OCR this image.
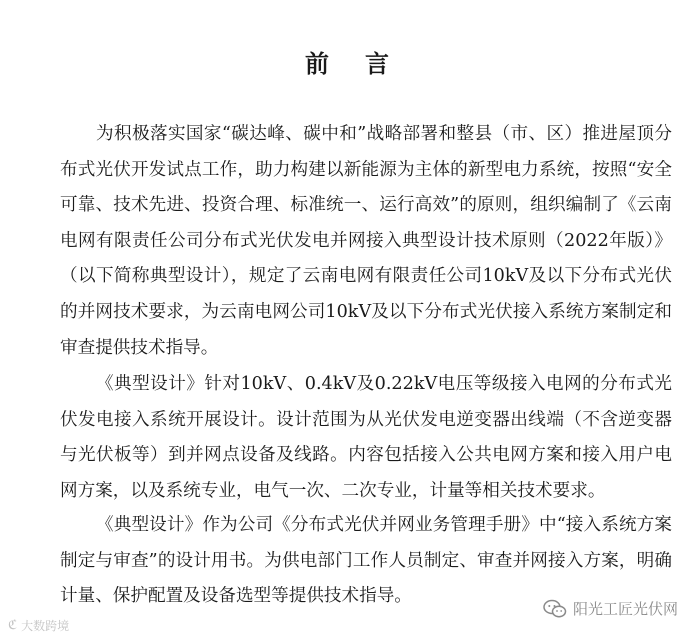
前 言

为积极落实国家“碳达峰、碳中和”战略部署和整县（市、区）推进屋顶分布式光伏开发试点工作，助力构建以新能源为主体的新型电力系统，按照“安全可靠、技术先进、投资合理、标准统一、运行高效”的原则，组织编制了《云南电网有限责任公司分布式光伏发电并网接入典型设计技术原则（2022年版）》（以下简称典型设计），规定了云南电网有限责任公司10kV及以下分布式光伏的并网技术要求，为云南电网公司10kV及以下分布式光伏接入系统方案制定和审查提供技术指导。

《典型设计》针对10kV、0.4kV及0.22kV电压等级接入电网的分布式光伏发电接入系统开展设计。设计范围为从光伏发电逆变器出线端（不含逆变器与光伏板等）到并网点设备及线路。内容包括接入公共电网方案和接入用户电网方案，以及系统专业，电气一次、二次专业，计量等相关技术要求。

《典型设计》作为公司《分布式光伏并网业务管理手册》中“接入系统方案制定与审查”的设计用书。为供电部门工作人员制定、审查并网接入方案，明确计量、保护配置及设备选型等提供技术指导。

ℭ 大数跨境
阳光工匠光伏网
